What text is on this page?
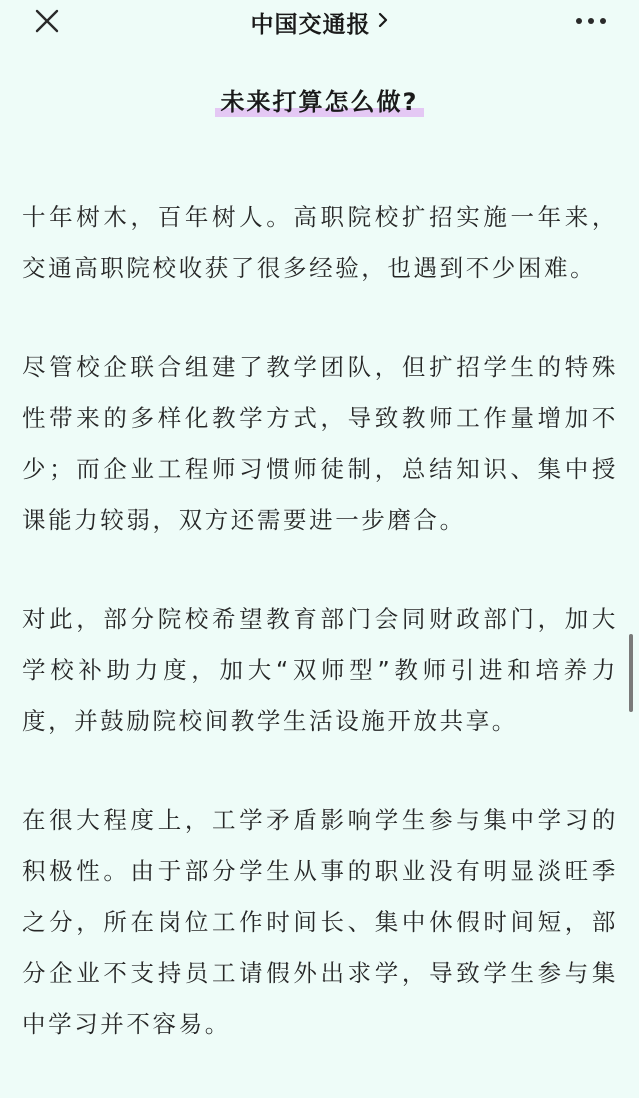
中国交通报
未来打算怎么做?

十年树木，百年树人。高职院校扩招实施一年来，交通高职院校收获了很多经验，也遇到不少困难。

尽管校企联合组建了教学团队，但扩招学生的特殊性带来的多样化教学方式，导致教师工作量增加不少；而企业工程师习惯师徒制，总结知识、集中授课能力较弱，双方还需要进一步磨合。

对此，部分院校希望教育部门会同财政部门，加大学校补助力度，加大“双师型”教师引进和培养力度，并鼓励院校间教学生活设施开放共享。

在很大程度上，工学矛盾影响学生参与集中学习的积极性。由于部分学生从事的职业没有明显淡旺季之分，所在岗位工作时间长、集中休假时间短，部分企业不支持员工请假外出求学，导致学生参与集中学习并不容易。
